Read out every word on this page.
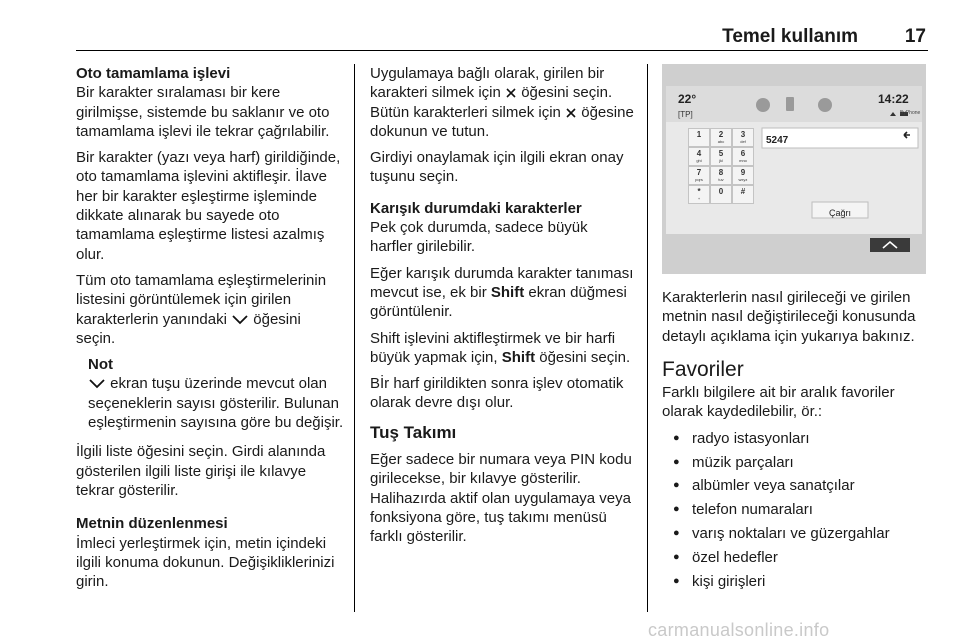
Temel kullanım 17
Oto tamamlama işlevi

Bir karakter sıralaması bir kere girilmişse, sistemde bu saklanır ve oto tamamlama işlevi ile tekrar çağrılabilir.

Bir karakter (yazı veya harf) girildiğinde, oto tamamlama işlevini aktifleşir. İlave her bir karakter eşleştirme işleminde dikkate alınarak bu sayede oto tamamlama eşleştirme listesi azalmış olur.

Tüm oto tamamlama eşleştirmelerinin listesini görüntülemek için girilen karakterlerin yanındaki öğesini seçin.

Not
ekran tuşu üzerinde mevcut olan seçeneklerin sayısı gösterilir. Bulunan eşleştirmenin sayısına göre bu değişir.

İlgili liste öğesini seçin. Girdi alanında gösterilen ilgili liste girişi ile kılavye tekrar gösterilir.

Metnin düzenlenmesi

İmleci yerleştirmek için, metin içindeki ilgili konuma dokunun. Değişikliklerinizi girin.

Uygulamaya bağlı olarak, girilen bir karakteri silmek için öğesini seçin. Bütün karakterleri silmek için öğesine dokunun ve tutun.

Girdiyi onaylamak için ilgili ekran onay tuşunu seçin.

Karışık durumdaki karakterler

Pek çok durumda, sadece büyük harfler girilebilir.

Eğer karışık durumda karakter tanıması mevcut ise, ek bir Shift ekran düğmesi görüntülenir.

Shift işlevini aktifleştirmek ve bir harfi büyük yapmak için, Shift öğesini seçin.

Bİr harf girildikten sonra işlev otomatik olarak devre dışı olur.

Tuş Takımı

Eğer sadece bir numara veya PIN kodu girilecekse, bir kılavye gösterilir. Halihazırda aktif olan uygulamaya veya fonksiyona göre, tuş takımı menüsü farklı gösterilir.

22°
[TP]
14:22
ByPhone
5247
1	2
abc
3
def
4
ghi
5
jkl
6
mno
7
pqrs
8
tuv
9
wxyz
*
+
0	#
Çağrı

Karakterlerin nasıl girileceği ve girilen metnin nasıl değiştirileceği konusunda detaylı açıklama için yukarıya bakınız.

Favoriler

Farklı bilgilere ait bir aralık favoriler olarak kaydedilebilir, ör.:

● radyo istasyonları
● müzik parçaları
● albümler veya sanatçılar
● telefon numaraları
● varış noktaları ve güzergahlar
● özel hedefler
● kişi girişleri
carmanualsonline.info
